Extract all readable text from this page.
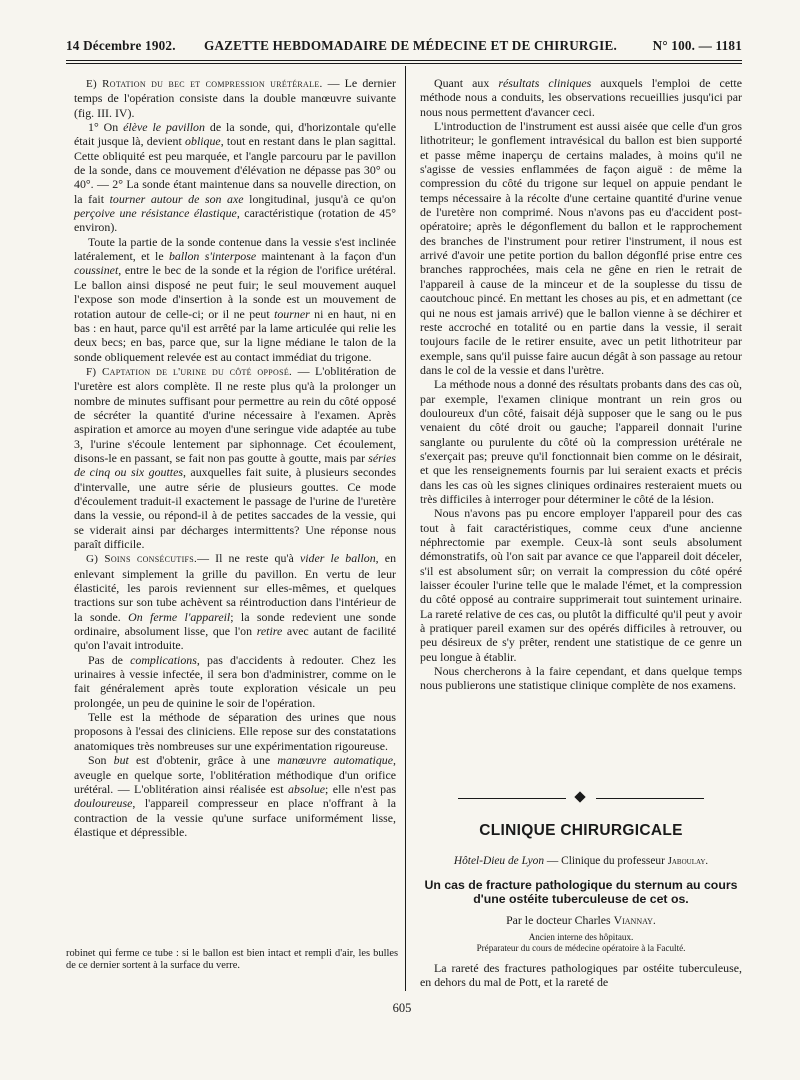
14 Décembre 1902. GAZETTE HEBDOMADAIRE DE MÉDECINE ET DE CHIRURGIE.	N° 100. — 1181

E) Rotation du bec et compression urétérale. — Le dernier temps de l'opération consiste dans la double manœuvre suivante (fig. III. IV).

1° On élève le pavillon de la sonde, qui, d'horizontale qu'elle était jusque là, devient oblique, tout en restant dans le plan sagittal. Cette obliquité est peu marquée, et l'angle parcouru par le pavillon de la sonde, dans ce mouvement d'élévation ne dépasse pas 30° ou 40°. — 2° La sonde étant maintenue dans sa nouvelle direction, on la fait tourner autour de son axe longitudinal, jusqu'à ce qu'on perçoive une résistance élastique, caractéristique (rotation de 45° environ).

Toute la partie de la sonde contenue dans la vessie s'est inclinée latéralement, et le ballon s'interpose maintenant à la façon d'un coussinet, entre le bec de la sonde et la région de l'orifice urétéral. Le ballon ainsi disposé ne peut fuir; le seul mouvement auquel l'expose son mode d'insertion à la sonde est un mouvement de rotation autour de celle-ci; or il ne peut tourner ni en haut, ni en bas : en haut, parce qu'il est arrêté par la lame articulée qui relie les deux becs; en bas, parce que, sur la ligne médiane le talon de la sonde obliquement relevée est au contact immédiat du trigone.

F) Captation de l'urine du côté opposé. — L'oblitération de l'uretère est alors complète. Il ne reste plus qu'à la prolonger un nombre de minutes suffisant pour permettre au rein du côté opposé de sécréter la quantité d'urine nécessaire à l'examen. Après aspiration et amorce au moyen d'une seringue vide adaptée au tube 3, l'urine s'écoule lentement par siphonnage. Cet écoulement, disons-le en passant, se fait non pas goutte à goutte, mais par séries de cinq ou six gouttes, auxquelles fait suite, à plusieurs secondes d'intervalle, une autre série de plusieurs gouttes. Ce mode d'écoulement traduit-il exactement le passage de l'urine de l'uretère dans la vessie, ou répond-il à de petites saccades de la vessie, qui se viderait ainsi par décharges intermittents? Une réponse nous paraît difficile.

G) Soins consécutifs.— Il ne reste qu'à vider le ballon, en enlevant simplement la grille du pavillon. En vertu de leur élasticité, les parois reviennent sur elles-mêmes, et quelques tractions sur son tube achèvent sa réintroduction dans l'intérieur de la sonde. On ferme l'appareil; la sonde redevient une sonde ordinaire, absolument lisse, que l'on retire avec autant de facilité qu'on l'avait introduite.

Pas de complications, pas d'accidents à redouter. Chez les urinaires à vessie infectée, il sera bon d'administrer, comme on le fait généralement après toute exploration vésicale un peu prolongée, un peu de quinine le soir de l'opération.

Telle est la méthode de séparation des urines que nous proposons à l'essai des cliniciens. Elle repose sur des constatations anatomiques très nombreuses sur une expérimentation rigoureuse.

Son but est d'obtenir, grâce à une manœuvre automatique, aveugle en quelque sorte, l'oblitération méthodique d'un orifice urétéral. — L'oblitération ainsi réalisée est absolue; elle n'est pas douloureuse, l'appareil compresseur en place n'offrant à la contraction de la vessie qu'une surface uniformément lisse, élastique et dépressible.

robinet qui ferme ce tube : si le ballon est bien intact et rempli d'air, les bulles de ce dernier sortent à la surface du verre.

Quant aux résultats cliniques auxquels l'emploi de cette méthode nous a conduits, les observations recueillies jusqu'ici par nous nous permettent d'avancer ceci.

L'introduction de l'instrument est aussi aisée que celle d'un gros lithotriteur; le gonflement intravésical du ballon est bien supporté et passe même inaperçu de certains malades, à moins qu'il ne s'agisse de vessies enflammées de façon aiguë : de même la compression du côté du trigone sur lequel on appuie pendant le temps nécessaire à la récolte d'une certaine quantité d'urine venue de l'uretère non comprimé. Nous n'avons pas eu d'accident post-opératoire; après le dégonflement du ballon et le rapprochement des branches de l'instrument pour retirer l'instrument, il nous est arrivé d'avoir une petite portion du ballon dégonflé prise entre ces branches rapprochées, mais cela ne gêne en rien le retrait de l'appareil à cause de la minceur et de la souplesse du tissu de caoutchouc pincé. En mettant les choses au pis, et en admettant (ce qui ne nous est jamais arrivé) que le ballon vienne à se déchirer et reste accroché en totalité ou en partie dans la vessie, il serait toujours facile de le retirer ensuite, avec un petit lithotriteur par exemple, sans qu'il puisse faire aucun dégât à son passage au retour dans le col de la vessie et dans l'urètre.

La méthode nous a donné des résultats probants dans des cas où, par exemple, l'examen clinique montrant un rein gros ou douloureux d'un côté, faisait déjà supposer que le sang ou le pus venaient du côté droit ou gauche; l'appareil donnait l'urine sanglante ou purulente du côté où la compression urétérale ne s'exerçait pas; preuve qu'il fonctionnait bien comme on le désirait, et que les renseignements fournis par lui seraient exacts et précis dans les cas où les signes cliniques ordinaires resteraient muets ou très difficiles à interroger pour déterminer le côté de la lésion.

Nous n'avons pas pu encore employer l'appareil pour des cas tout à fait caractéristiques, comme ceux d'une ancienne néphrectomie par exemple. Ceux-là sont seuls absolument démonstratifs, où l'on sait par avance ce que l'appareil doit déceler, s'il est absolument sûr; on verrait la compression du côté opéré laisser écouler l'urine telle que le malade l'émet, et la compression du côté opposé au contraire supprimerait tout suintement urinaire. La rareté relative de ces cas, ou plutôt la difficulté qu'il peut y avoir à pratiquer pareil examen sur des opérés difficiles à retrouver, ou peu désireux de s'y prêter, rendent une statistique de ce genre un peu longue à établir.

Nous chercherons à la faire cependant, et dans quelque temps nous publierons une statistique clinique complète de nos examens.

CLINIQUE CHIRURGICALE
Hôtel-Dieu de Lyon — Clinique du professeur Jaboulay.
Un cas de fracture pathologique du sternum au cours d'une ostéite tuberculeuse de cet os.
Par le docteur Charles Viannay.
Ancien interne des hôpitaux.
Préparateur du cours de médecine opératoire à la Faculté.

La rareté des fractures pathologiques par ostéite tuberculeuse, en dehors du mal de Pott, et la rareté de

605
